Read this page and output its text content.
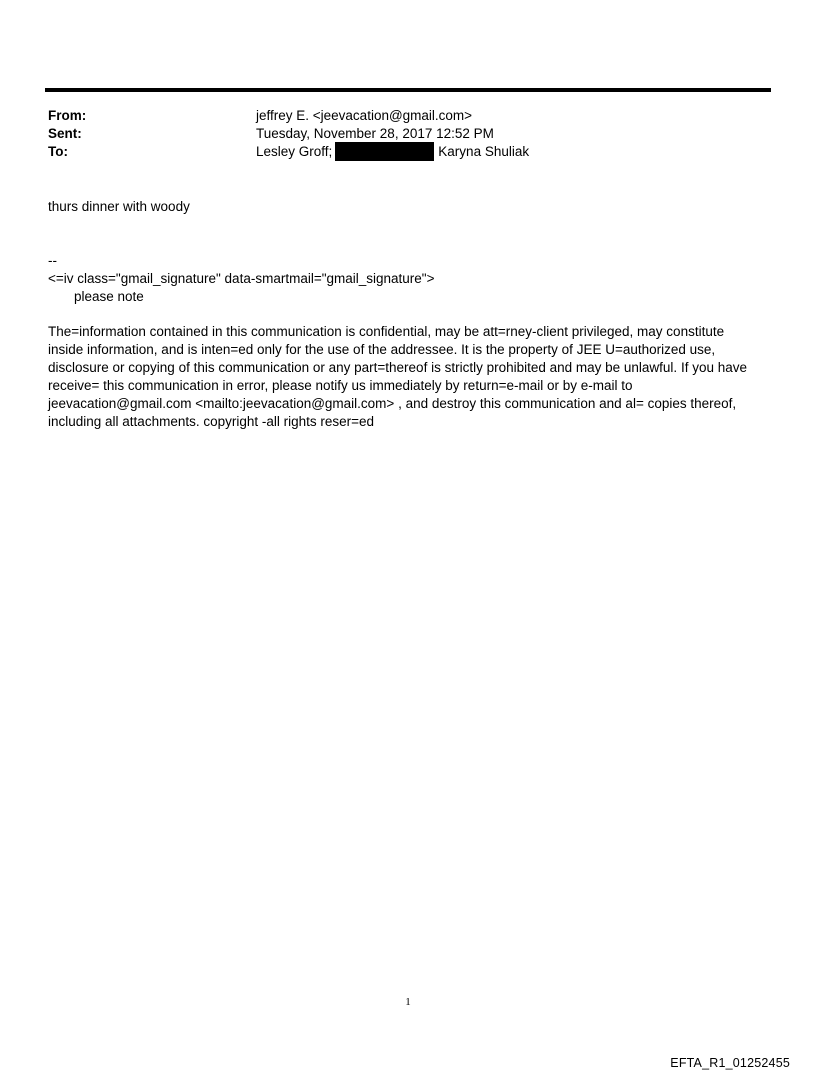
From:	jeffrey E. <jeevacation@gmail.com>
Sent:	Tuesday, November 28, 2017 12:52 PM
To:	Lesley Groff;	Karyna Shuliak
thurs dinner with woody
--
<=iv class="gmail_signature" data-smartmail="gmail_signature">
please note
The=information contained in this communication is confidential, may be att=rney-client privileged, may constitute inside information, and is inten=ed only for the use of the addressee. It is the property of JEE U=authorized use, disclosure or copying of this communication or any part=thereof is strictly prohibited and may be unlawful. If you have receive= this communication in error, please notify us immediately by return=e-mail or by e-mail to jeevacation@gmail.com <mailto:jeevacation@gmail.com> , and destroy this communication and al= copies thereof, including all attachments. copyright -all rights reser=ed
1
EFTA_R1_01252455
